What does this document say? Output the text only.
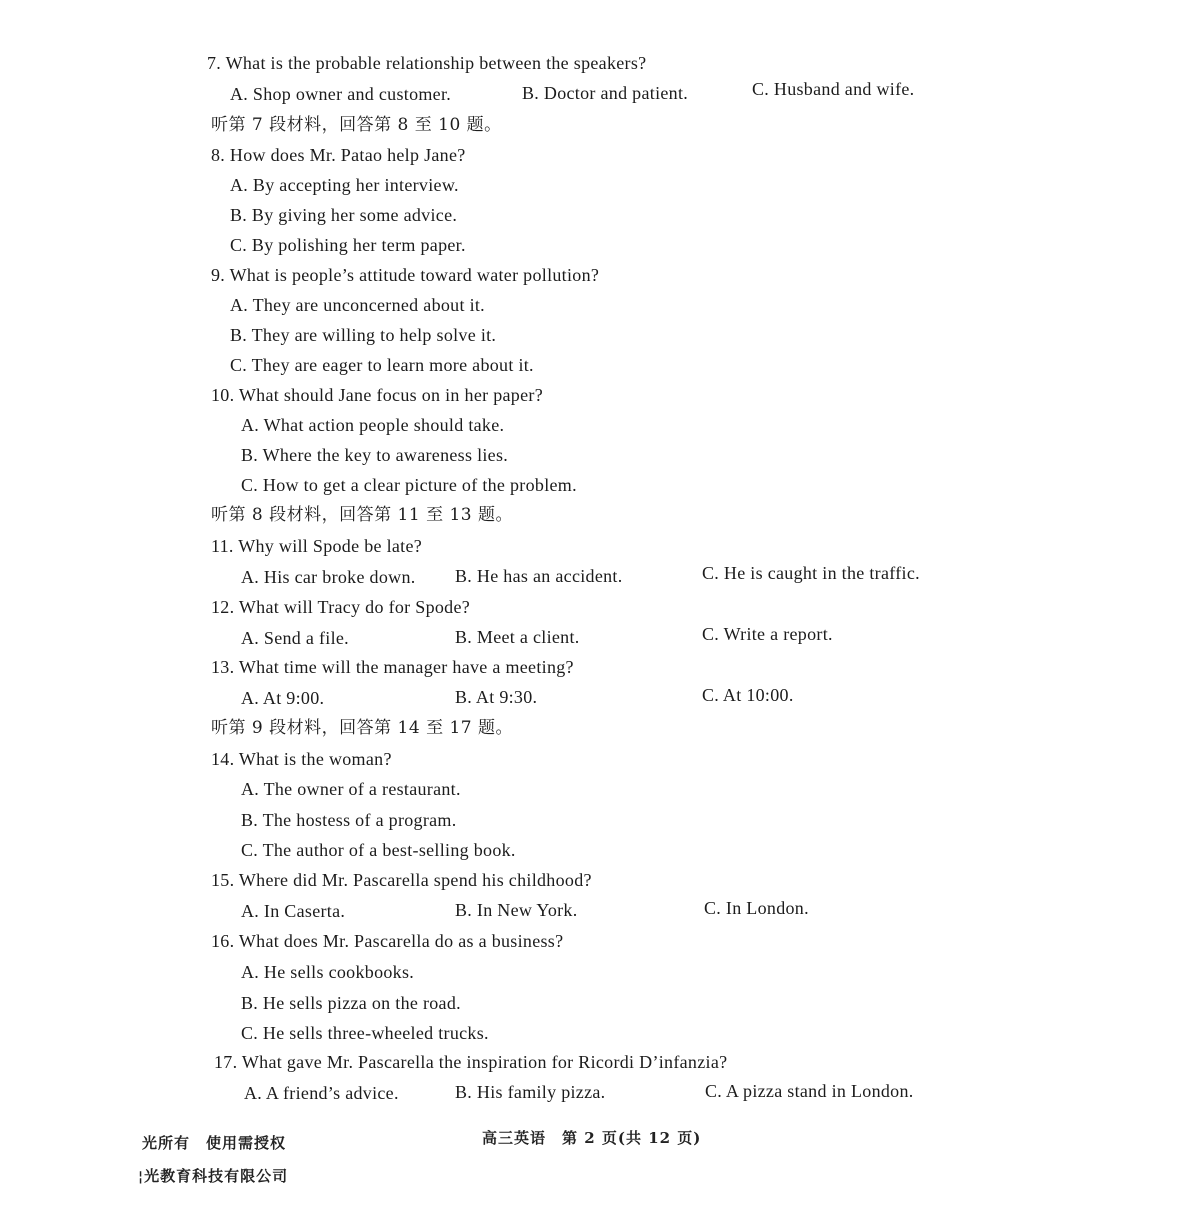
7. What is the probable relationship between the speakers?
A. Shop owner and customer.	B. Doctor and patient.	C. Husband and wife.
听第 7 段材料，回答第 8 至 10 题。
8. How does Mr. Patao help Jane?
A. By accepting her interview.
B. By giving her some advice.
C. By polishing her term paper.
9. What is people’s attitude toward water pollution?
A. They are unconcerned about it.
B. They are willing to help solve it.
C. They are eager to learn more about it.
10. What should Jane focus on in her paper?
A. What action people should take.
B. Where the key to awareness lies.
C. How to get a clear picture of the problem.
听第 8 段材料，回答第 11 至 13 题。
11. Why will Spode be late?
A. His car broke down. B. He has an accident.	C. He is caught in the traffic.
12. What will Tracy do for Spode?
A. Send a file.	B. Meet a client.	C. Write a report.
13. What time will the manager have a meeting?
A. At 9:00.	B. At 9:30.	C. At 10:00.
听第 9 段材料，回答第 14 至 17 题。
14. What is the woman?
A. The owner of a restaurant.
B. The hostess of a program.
C. The author of a best-selling book.
15. Where did Mr. Pascarella spend his childhood?
A. In Caserta.	B. In New York.	C. In London.
16. What does Mr. Pascarella do as a business?
A. He sells cookbooks.
B. He sells pizza on the road.
C. He sells three-wheeled trucks.
17. What gave Mr. Pascarella the inspiration for Ricordi D’infanzia?
A. A friend’s advice.	B. His family pizza.	C. A pizza stand in London.
光所有　使用需授权	高三英语　第 2 页(共 12 页)
¦光教育科技有限公司
